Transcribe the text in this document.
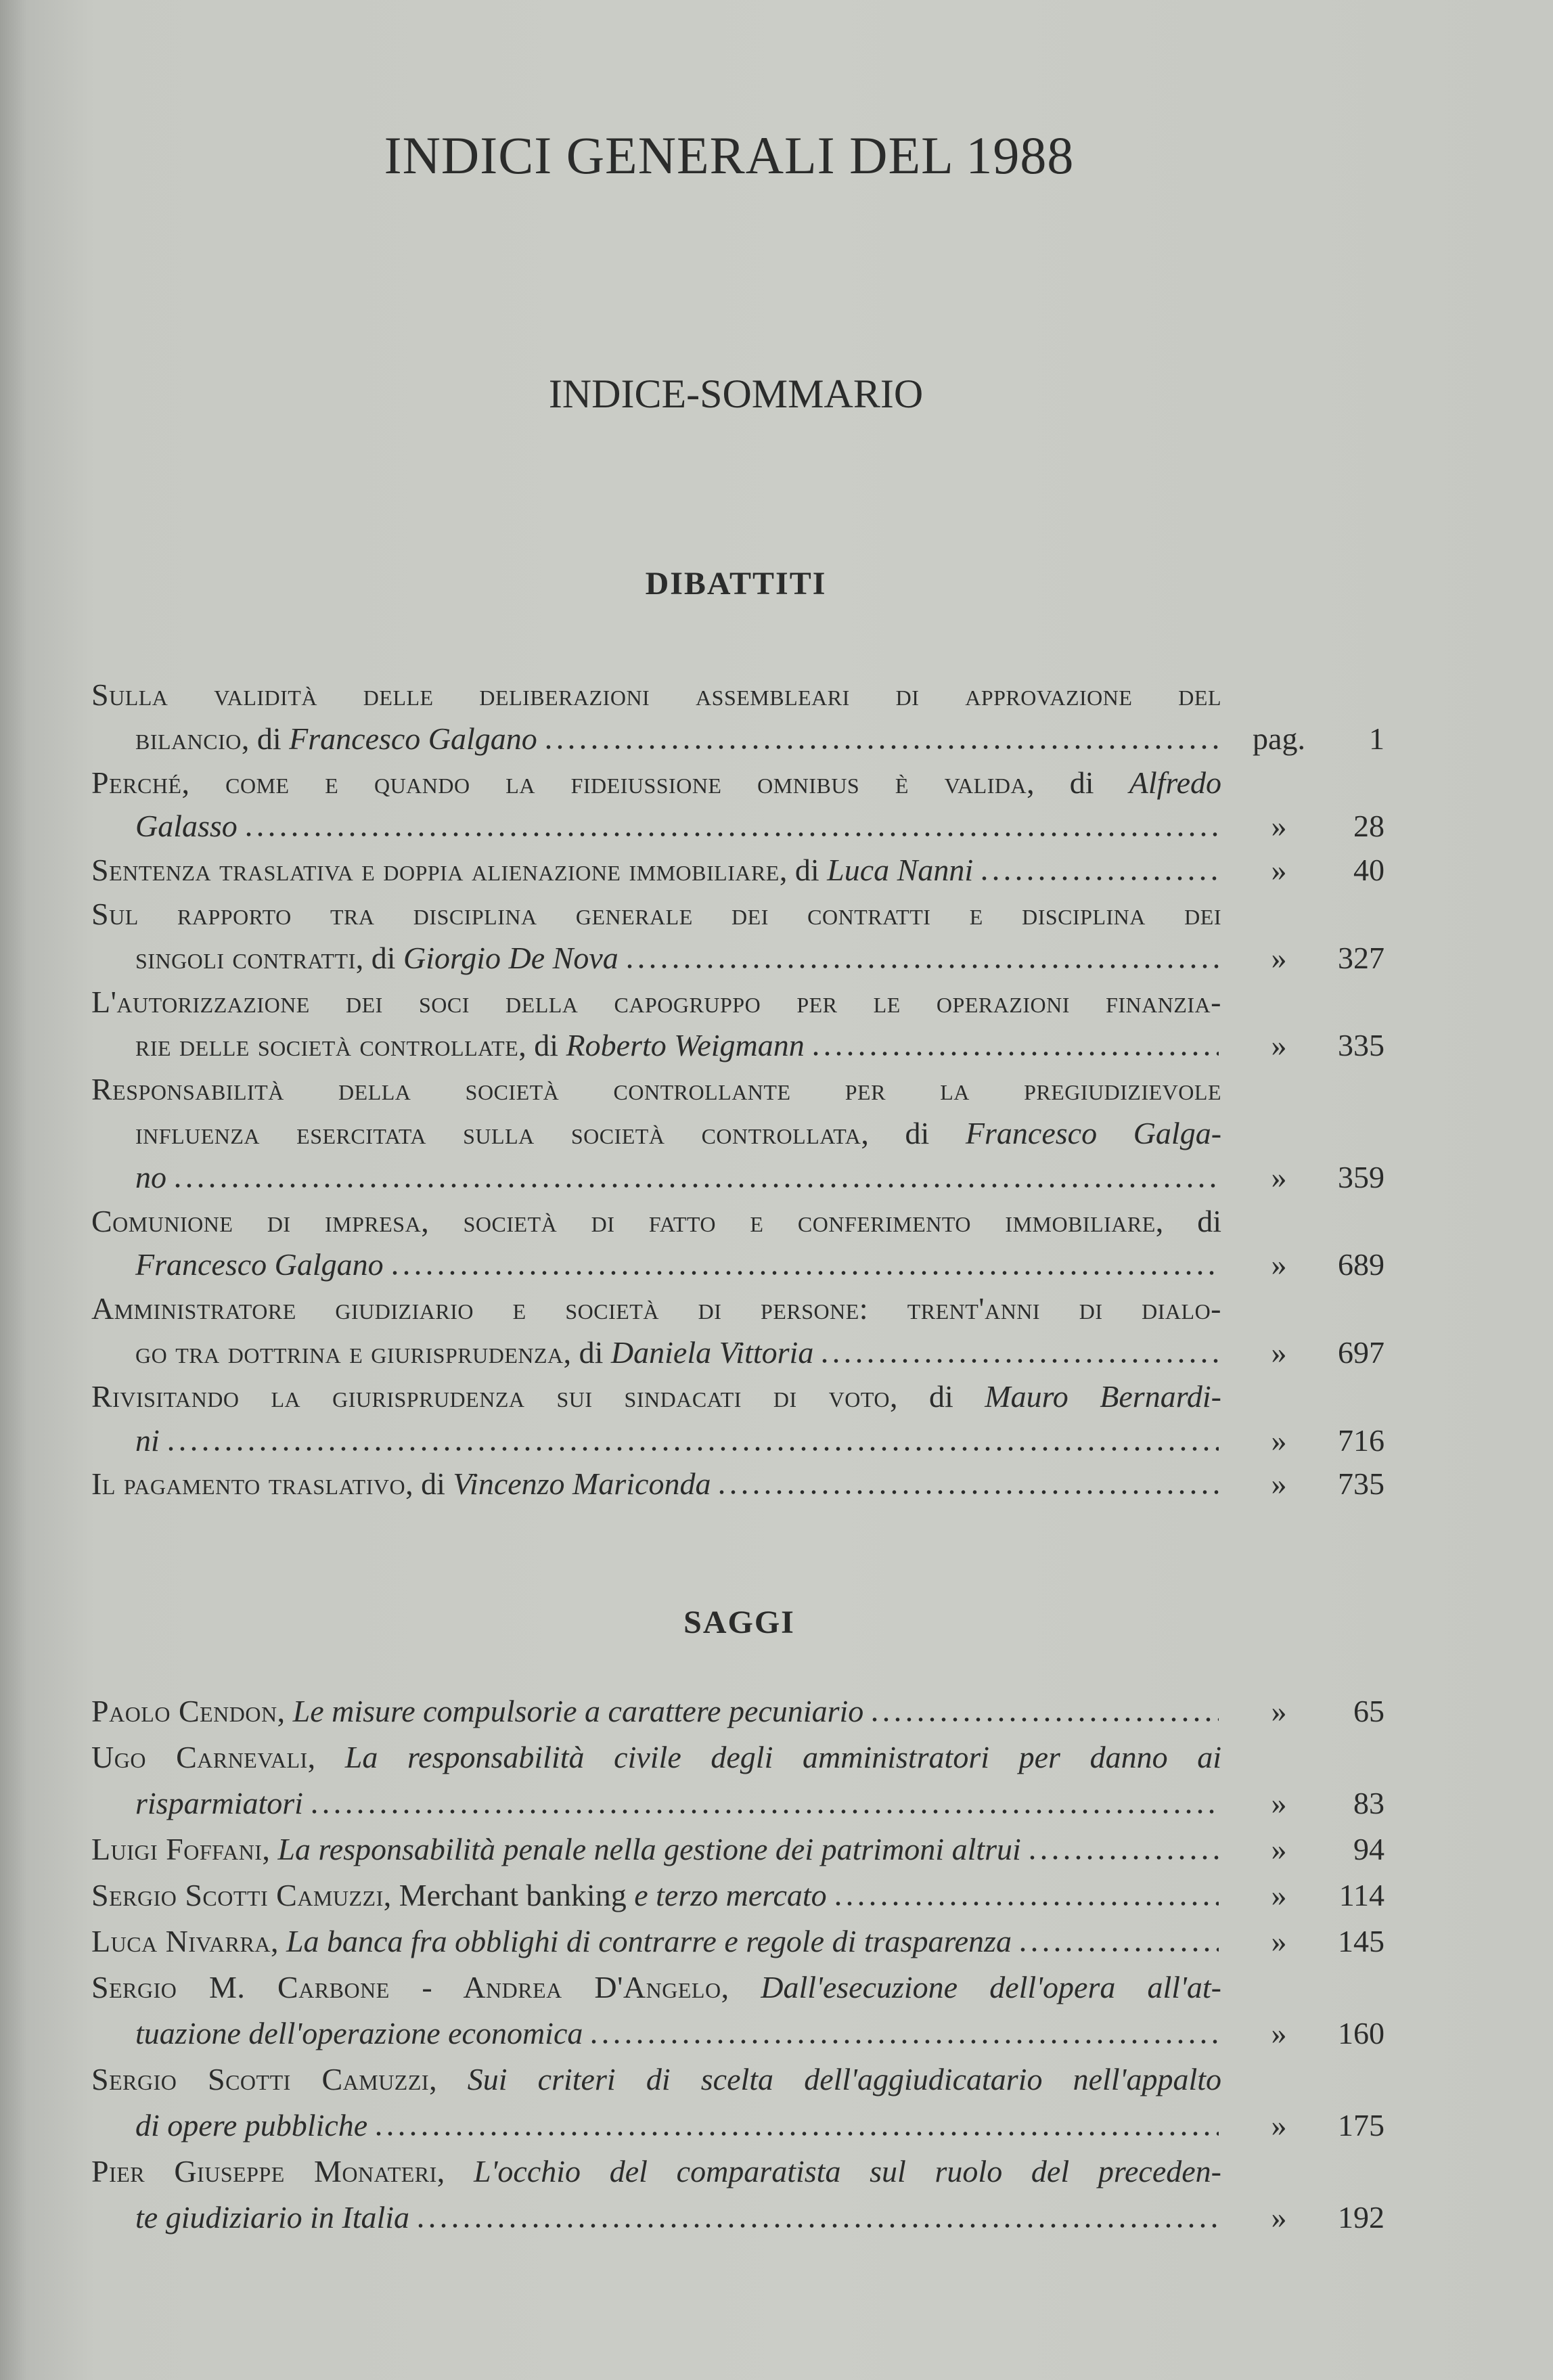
INDICI GENERALI DEL 1988
INDICE-SOMMARIO
DIBATTITI
Sulla validità delle deliberazioni assembleari di approvazione del
bilancio, di Francesco Galgano	pag.	1
Perché, come e quando la fideiussione omnibus è valida, di Alfredo
Galasso	»	28
Sentenza traslativa e doppia alienazione immobiliare, di Luca Nanni	»	40
Sul rapporto tra disciplina generale dei contratti e disciplina dei
singoli contratti, di Giorgio De Nova	»	327
L'autorizzazione dei soci della capogruppo per le operazioni finanzia-
rie delle società controllate, di Roberto Weigmann	»	335
Responsabilità della società controllante per la pregiudizievole
influenza esercitata sulla società controllata, di Francesco Galga-
no	»	359
Comunione di impresa, società di fatto e conferimento immobiliare, di
Francesco Galgano	»	689
Amministratore giudiziario e società di persone: trent'anni di dialo-
go tra dottrina e giurisprudenza, di Daniela Vittoria	»	697
Rivisitando la giurisprudenza sui sindacati di voto, di Mauro Bernardi-
ni	»	716
Il pagamento traslativo, di Vincenzo Mariconda	»	735
SAGGI
Paolo Cendon, Le misure compulsorie a carattere pecuniario	»	65
Ugo Carnevali, La responsabilità civile degli amministratori per danno ai
risparmiatori	»	83
Luigi Foffani, La responsabilità penale nella gestione dei patrimoni altrui	»	94
Sergio Scotti Camuzzi, Merchant banking e terzo mercato	»	114
Luca Nivarra, La banca fra obblighi di contrarre e regole di trasparenza	»	145
Sergio M. Carbone - Andrea D'Angelo, Dall'esecuzione dell'opera all'at-
tuazione dell'operazione economica	»	160
Sergio Scotti Camuzzi, Sui criteri di scelta dell'aggiudicatario nell'appalto
di opere pubbliche	»	175
Pier Giuseppe Monateri, L'occhio del comparatista sul ruolo del preceden-
te giudiziario in Italia	»	192
